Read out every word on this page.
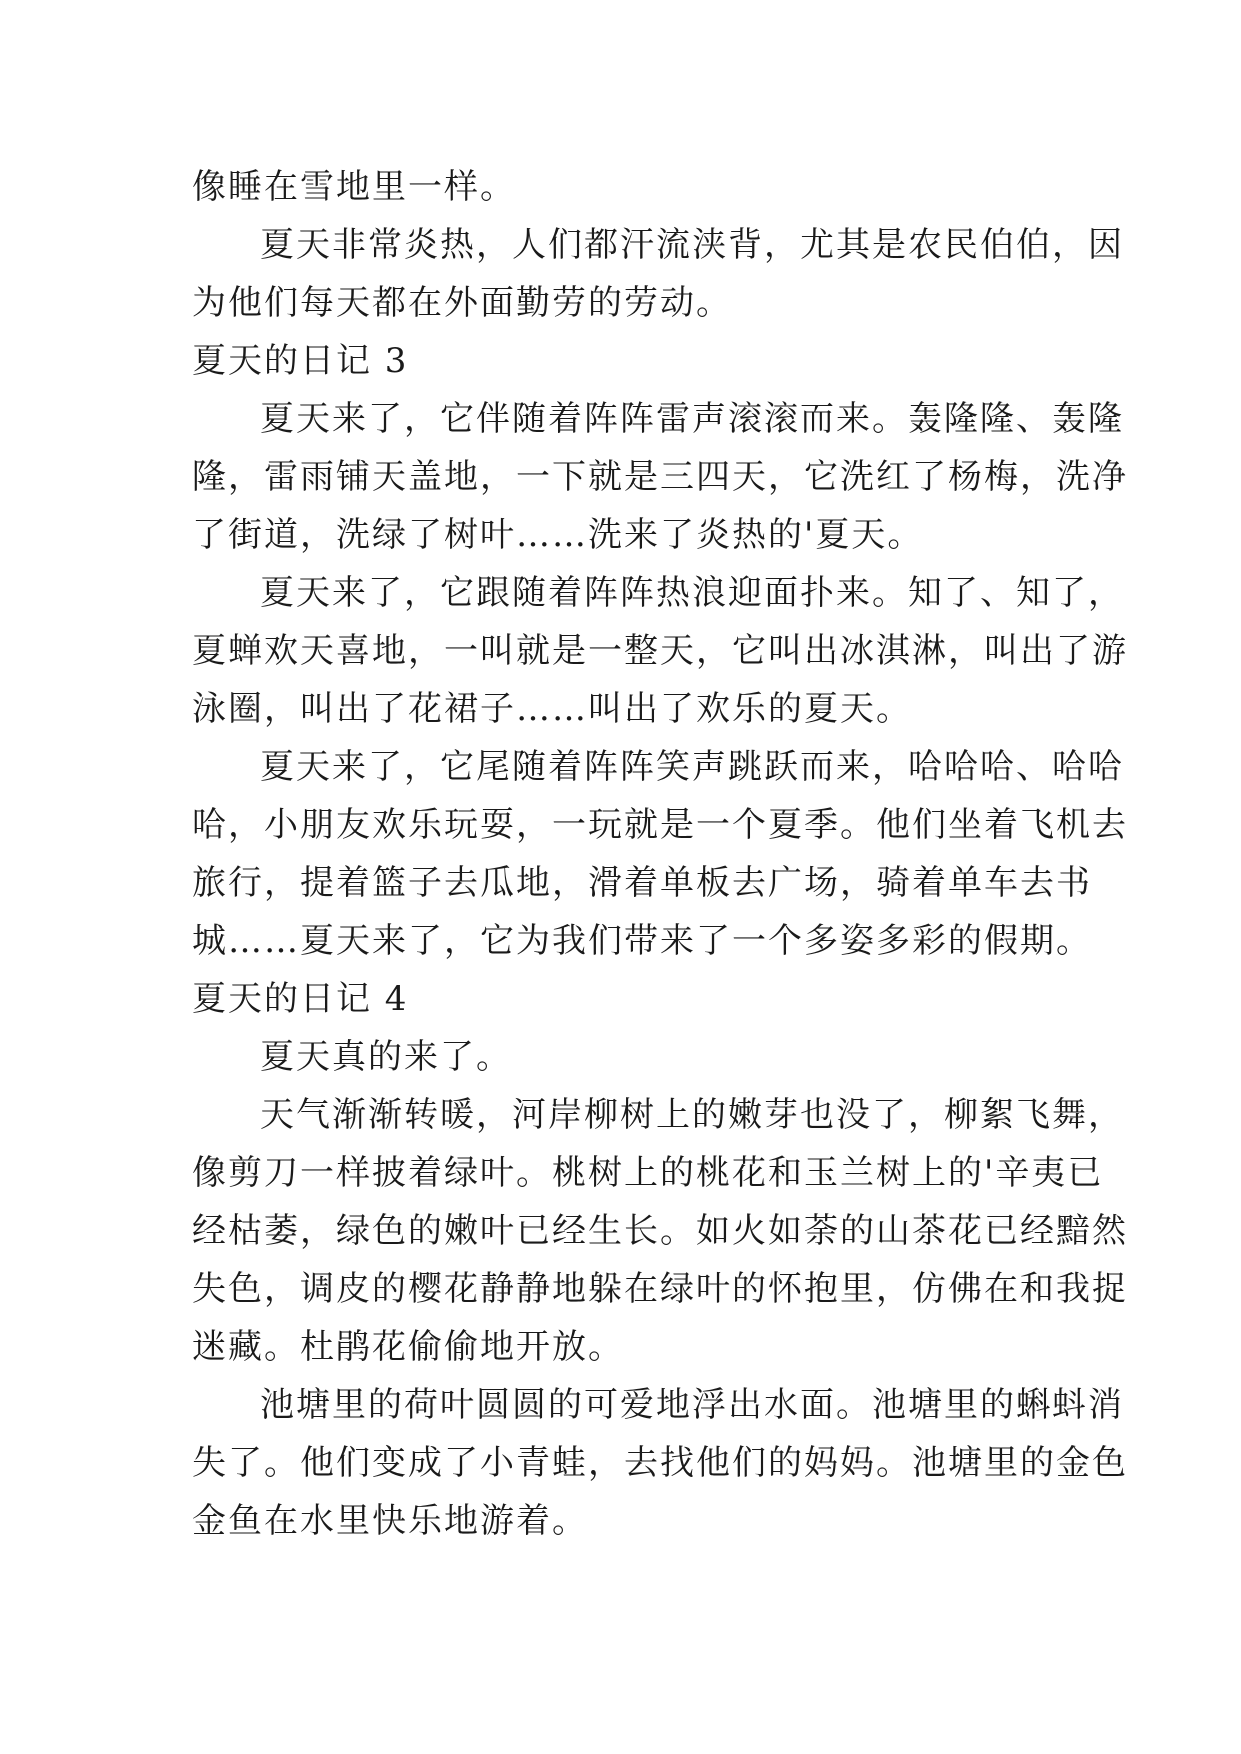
像睡在雪地里一样。
夏天非常炎热，人们都汗流浃背，尤其是农民伯伯，因
为他们每天都在外面勤劳的劳动。
夏天的日记 3
夏天来了，它伴随着阵阵雷声滚滚而来。轰隆隆、轰隆
隆，雷雨铺天盖地，一下就是三四天，它洗红了杨梅，洗净
了街道，洗绿了树叶……洗来了炎热的'夏天。
夏天来了，它跟随着阵阵热浪迎面扑来。知了、知了，
夏蝉欢天喜地，一叫就是一整天，它叫出冰淇淋，叫出了游
泳圈，叫出了花裙子……叫出了欢乐的夏天。
夏天来了，它尾随着阵阵笑声跳跃而来，哈哈哈、哈哈
哈，小朋友欢乐玩耍，一玩就是一个夏季。他们坐着飞机去
旅行，提着篮子去瓜地，滑着单板去广场，骑着单车去书
城……夏天来了，它为我们带来了一个多姿多彩的假期。
夏天的日记 4
夏天真的来了。
天气渐渐转暖，河岸柳树上的嫩芽也没了，柳絮飞舞，
像剪刀一样披着绿叶。桃树上的桃花和玉兰树上的'辛夷已
经枯萎，绿色的嫩叶已经生长。如火如荼的山茶花已经黯然
失色，调皮的樱花静静地躲在绿叶的怀抱里，仿佛在和我捉
迷藏。杜鹃花偷偷地开放。
池塘里的荷叶圆圆的可爱地浮出水面。池塘里的蝌蚪消
失了。他们变成了小青蛙，去找他们的妈妈。池塘里的金色
金鱼在水里快乐地游着。
